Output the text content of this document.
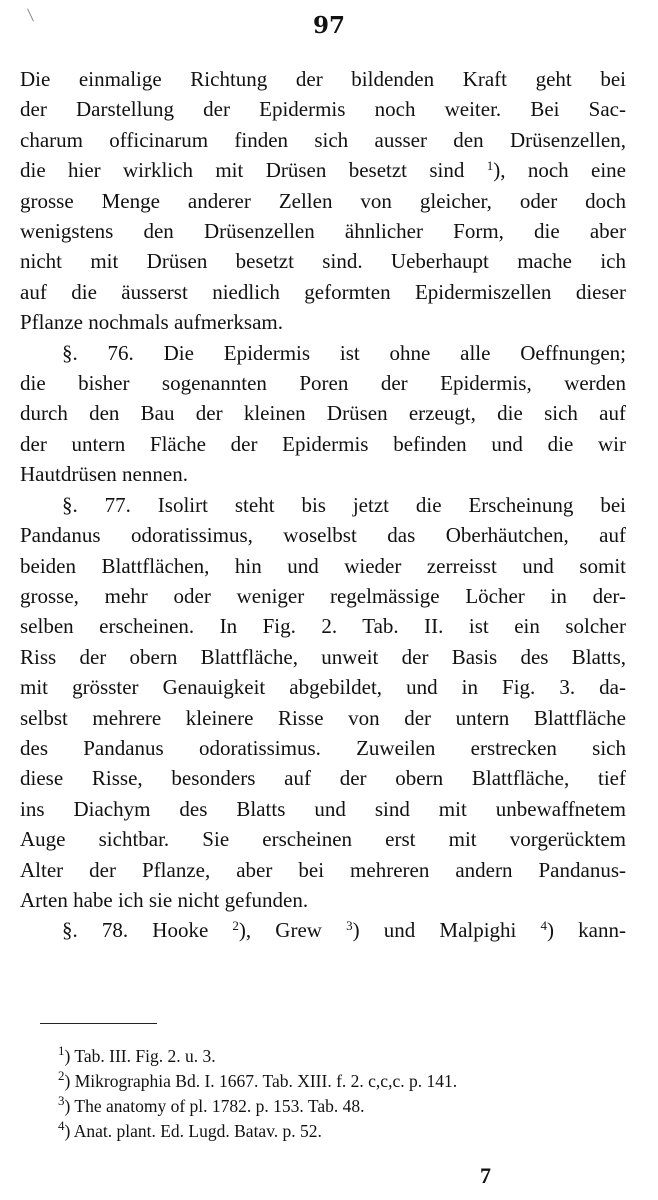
97
Die einmalige Richtung der bildenden Kraft geht bei
der Darstellung der Epidermis noch weiter. Bei Sac-
charum officinarum finden sich ausser den Drüsenzellen,
die hier wirklich mit Drüsen besetzt sind $^1$), noch eine
grosse Menge anderer Zellen von gleicher, oder doch
wenigstens den Drüsenzellen ähnlicher Form, die aber
nicht mit Drüsen besetzt sind. Ueberhaupt mache ich
auf die äusserst niedlich geformten Epidermiszellen dieser
Pflanze nochmals aufmerksam.
§. 76. Die Epidermis ist ohne alle Oeffnungen;
die bisher sogenannten Poren der Epidermis, werden
durch den Bau der kleinen Drüsen erzeugt, die sich auf
der untern Fläche der Epidermis befinden und die wir
Hautdrüsen nennen.
§. 77. Isolirt steht bis jetzt die Erscheinung bei
Pandanus odoratissimus, woselbst das Oberhäutchen, auf
beiden Blattflächen, hin und wieder zerreisst und somit
grosse, mehr oder weniger regelmässige Löcher in der-
selben erscheinen. In Fig. 2. Tab. II. ist ein solcher
Riss der obern Blattfläche, unweit der Basis des Blatts,
mit grösster Genauigkeit abgebildet, und in Fig. 3. da-
selbst mehrere kleinere Risse von der untern Blattfläche
des Pandanus odoratissimus. Zuweilen erstrecken sich
diese Risse, besonders auf der obern Blattfläche, tief
ins Diachym des Blatts und sind mit unbewaffnetem
Auge sichtbar. Sie erscheinen erst mit vorgerücktem
Alter der Pflanze, aber bei mehreren andern Pandanus-
Arten habe ich sie nicht gefunden.
§. 78. Hooke $^2$), Grew $^3$) und Malpighi $^4$) kann-
$^1$) Tab. III. Fig. 2. u. 3.
$^2$) Mikrographia Bd. I. 1667. Tab. XIII. f. 2. c,c,c. p. 141.
$^3$) The anatomy of pl. 1782. p. 153. Tab. 48.
$^4$) Anat. plant. Ed. Lugd. Batav. p. 52.
7
